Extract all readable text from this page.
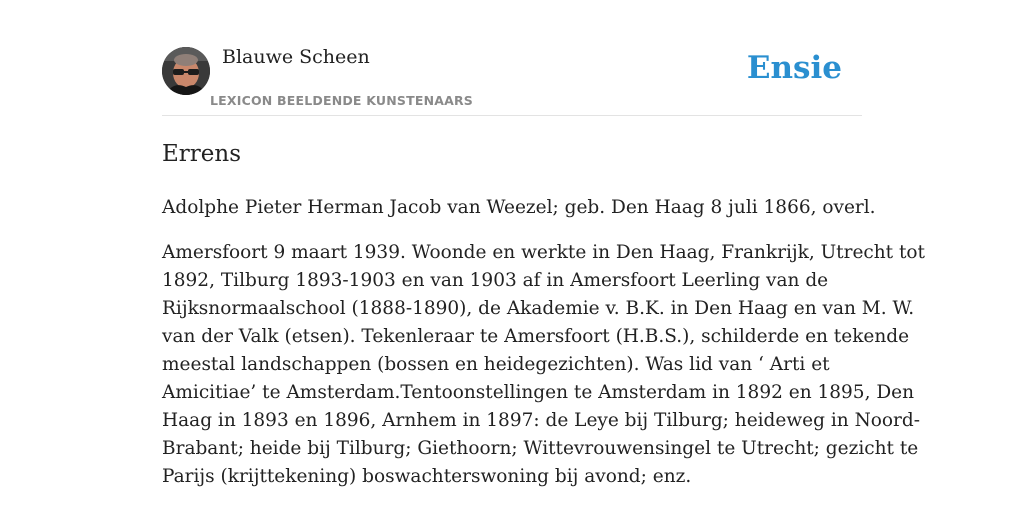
Blauwe Scheen
LEXICON BEELDENDE KUNSTENAARS
Ensie
Errens

Adolphe Pieter Herman Jacob van Weezel; geb. Den Haag 8 juli 1866, overl.

Amersfoort 9 maart 1939. Woonde en werkte in Den Haag, Frankrijk, Utrecht tot
1892, Tilburg 1893-1903 en van 1903 af in Amersfoort Leerling van de
Rijksnormaalschool (1888-1890), de Akademie v. B.K. in Den Haag en van M. W.
van der Valk (etsen). Tekenleraar te Amersfoort (H.B.S.), schilderde en tekende
meestal landschappen (bossen en heidegezichten). Was lid van ‘ Arti et
Amicitiae’ te Amsterdam.Tentoonstellingen te Amsterdam in 1892 en 1895, Den
Haag in 1893 en 1896, Arnhem in 1897: de Leye bij Tilburg; heideweg in Noord-
Brabant; heide bij Tilburg; Giethoorn; Wittevrouwensingel te Utrecht; gezicht te
Parijs (krijttekening) boswachterswoning bij avond; enz.
